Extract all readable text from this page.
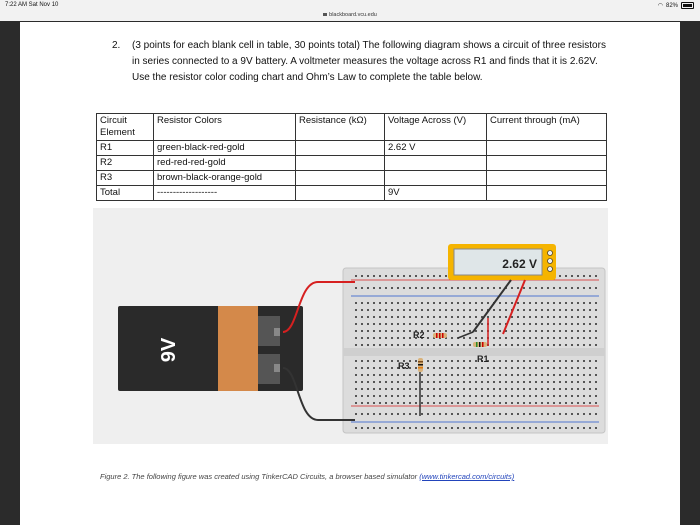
7:22 AM Sat Nov 10	◠ 82%
blackboard.vcu.edu
2. (3 points for each blank cell in table, 30 points total) The following diagram shows a circuit of three resistors in series connected to a 9V battery. A voltmeter measures the voltage across R1 and finds that it is 2.62V. Use the resistor color coding chart and Ohm’s Law to complete the table below.
Circuit Element	Resistor Colors	Resistance (kΩ)	Voltage Across (V)	Current through (mA)
R1	green-black-red-gold		2.62 V	
R2	red-red-red-gold			
R3	brown-black-orange-gold			
Total	-------------------		9V	
2.62 V
R2
R1
R3
9V
Figure 2. The following figure was created using TinkerCAD Circuits, a browser based simulator (www.tinkercad.com/circuits)
